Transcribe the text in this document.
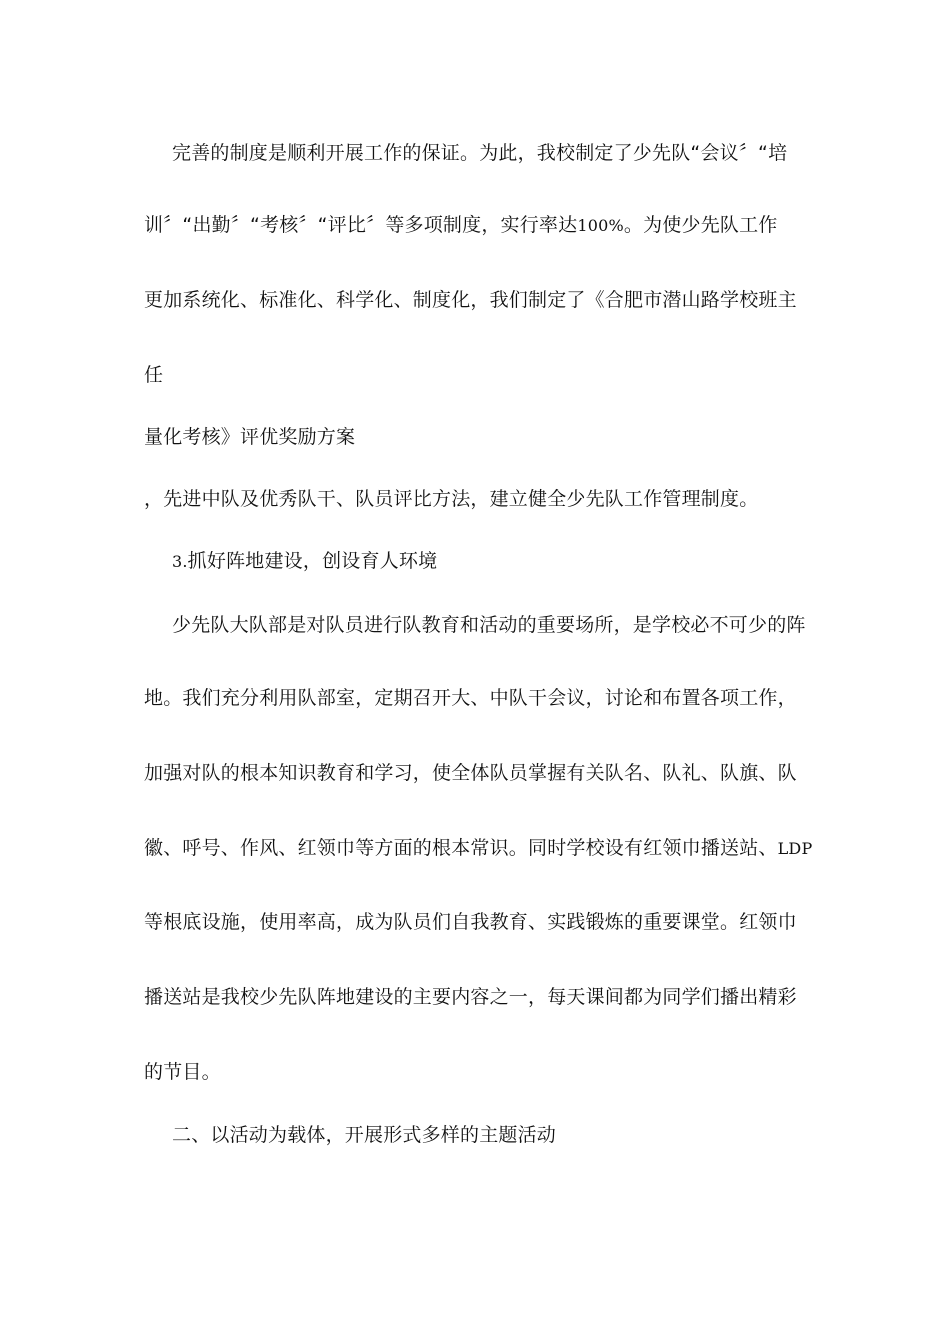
完善的制度是顺利开展工作的保证。为此，我校制定了少先队“会议〞“培
训〞“出勤〞“考核〞“评比〞等多项制度，实行率达100%。为使少先队工作
更加系统化、标准化、科学化、制度化，我们制定了《合肥市潜山路学校班主
任
量化考核》评优奖励方案
，先进中队及优秀队干、队员评比方法，建立健全少先队工作管理制度。
3.抓好阵地建设，创设育人环境
少先队大队部是对队员进行队教育和活动的重要场所，是学校必不可少的阵
地。我们充分利用队部室，定期召开大、中队干会议，讨论和布置各项工作，
加强对队的根本知识教育和学习，使全体队员掌握有关队名、队礼、队旗、队
徽、呼号、作风、红领巾等方面的根本常识。同时学校设有红领巾播送站、LDP
等根底设施，使用率高，成为队员们自我教育、实践锻炼的重要课堂。红领巾
播送站是我校少先队阵地建设的主要内容之一，每天课间都为同学们播出精彩
的节目。
二、以活动为载体，开展形式多样的主题活动
